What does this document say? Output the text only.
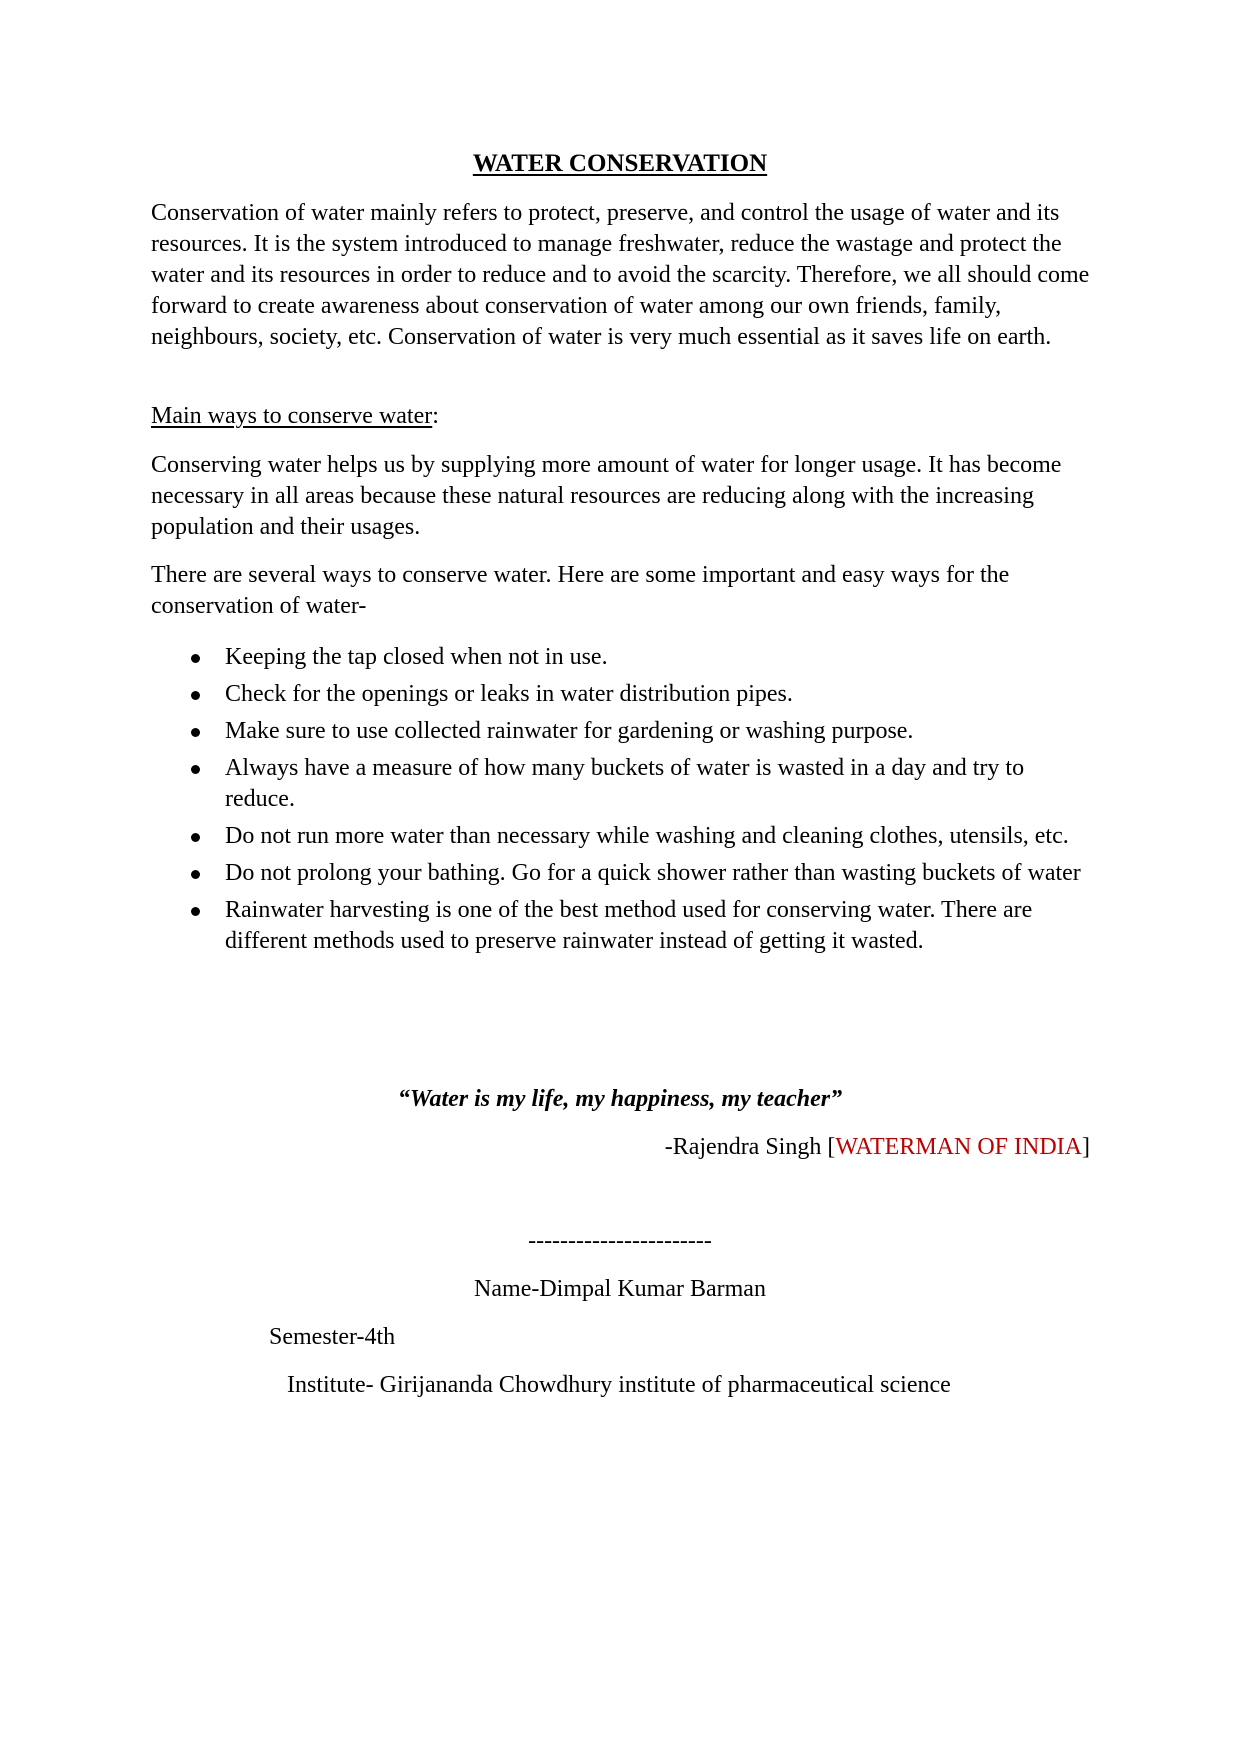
WATER CONSERVATION

Conservation of water mainly refers to protect, preserve, and control the usage of water and its resources. It is the system introduced to manage freshwater, reduce the wastage and protect the water and its resources in order to reduce and to avoid the scarcity. Therefore, we all should come forward to create awareness about conservation of water among our own friends, family, neighbours, society, etc. Conservation of water is very much essential as it saves life on earth.

Main ways to conserve water:

Conserving water helps us by supplying more amount of water for longer usage. It has become necessary in all areas because these natural resources are reducing along with the increasing population and their usages.

There are several ways to conserve water. Here are some important and easy ways for the conservation of water-

Keeping the tap closed when not in use.
Check for the openings or leaks in water distribution pipes.
Make sure to use collected rainwater for gardening or washing purpose.
Always have a measure of how many buckets of water is wasted in a day and try to reduce.
Do not run more water than necessary while washing and cleaning clothes, utensils, etc.
Do not prolong your bathing. Go for a quick shower rather than wasting buckets of water
Rainwater harvesting is one of the best method used for conserving water. There are different methods used to preserve rainwater instead of getting it wasted.
“Water is my life, my happiness, my teacher”
-Rajendra Singh [WATERMAN OF INDIA]
-----------------------
Name-Dimpal Kumar Barman
Semester-4th
Institute- Girijananda Chowdhury institute of pharmaceutical science
